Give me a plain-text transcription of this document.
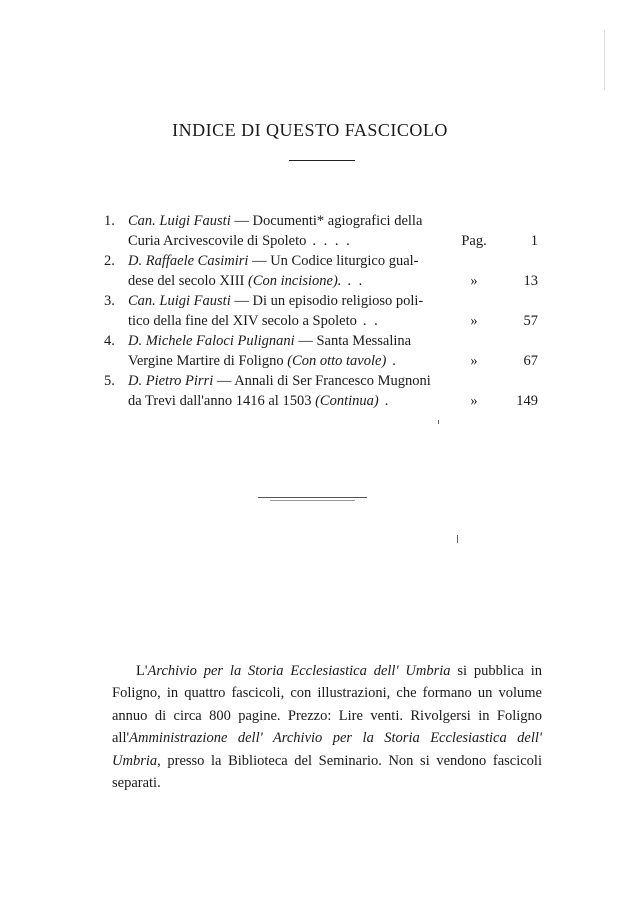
INDICE DI QUESTO FASCICOLO
1. Can. Luigi Fausti — Documenti* agiografici della
Curia Arcivescovile di Spoleto . . . .	Pag.	1
2. D. Raffaele Casimiri — Un Codice liturgico gual-
dese del secolo XIII (Con incisione). . .	»	13
3. Can. Luigi Fausti — Di un episodio religioso poli-
tico della fine del XIV secolo a Spoleto . .	»	57
4. D. Michele Faloci Pulignani — Santa Messalina
Vergine Martire di Foligno (Con otto tavole) .	»	67
5. D. Pietro Pirri — Annali di Ser Francesco Mugnoni
da Trevi dall'anno 1416 al 1503 (Continua) .	»	149

L'Archivio per la Storia Ecclesiastica dell' Umbria si pubblica in Foligno, in quattro fascicoli, con illustrazioni, che formano un volume annuo di circa 800 pagine. Prezzo: Lire venti. Rivolgersi in Foligno all'Amministrazione dell' Archivio per la Storia Ecclesiastica dell' Umbria, presso la Biblioteca del Seminario. Non si vendono fascicoli separati.
